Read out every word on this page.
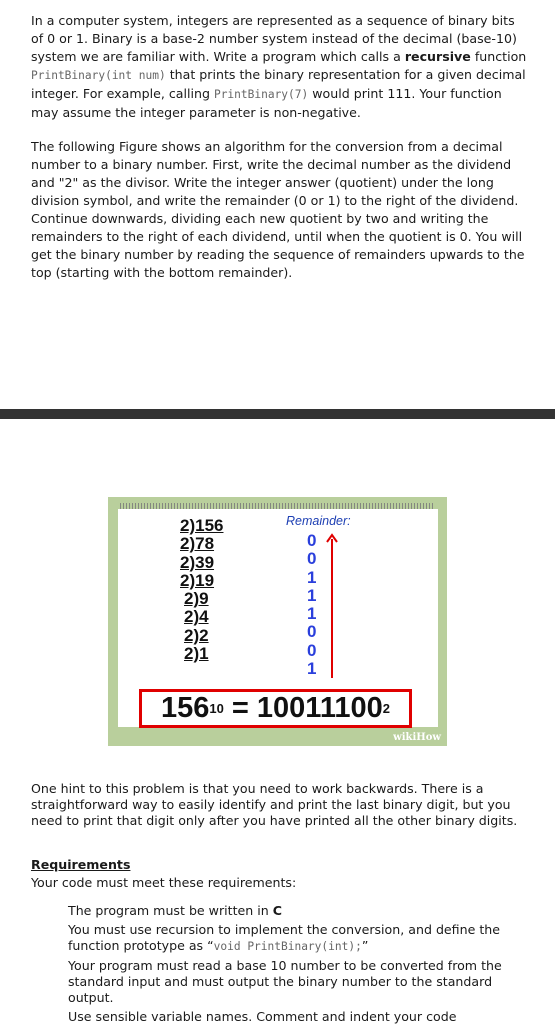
In a computer system, integers are represented as a sequence of binary bits of 0 or 1. Binary is a base-2 number system instead of the decimal (base-10) system we are familiar with. Write a program which calls a recursive function PrintBinary(int num) that prints the binary representation for a given decimal integer. For example, calling PrintBinary(7) would print 111. Your function may assume the integer parameter is non-negative.

The following Figure shows an algorithm for the conversion from a decimal number to a binary number. First, write the decimal number as the dividend and "2" as the divisor. Write the integer answer (quotient) under the long division symbol, and write the remainder (0 or 1) to the right of the dividend. Continue downwards, dividing each new quotient by two and writing the remainders to the right of each dividend, until when the quotient is 0. You will get the binary number by reading the sequence of remainders upwards to the top (starting with the bottom remainder).

wikiHow
2)156
2)78
2)39
2)19
2)9
2)4
2)2
2)1
Remainder:
0
0
1
1
1
0
0
1
156 10 = 10011100 2

One hint to this problem is that you need to work backwards. There is a straightforward way to easily identify and print the last binary digit, but you need to print that digit only after you have printed all the other binary digits.

Requirements

Your code must meet these requirements:

The program must be written in C
You must use recursion to implement the conversion, and define the function prototype as “void PrintBinary(int);”
Your program must read a base 10 number to be converted from the standard input and must output the binary number to the standard output.
Use sensible variable names. Comment and indent your code
